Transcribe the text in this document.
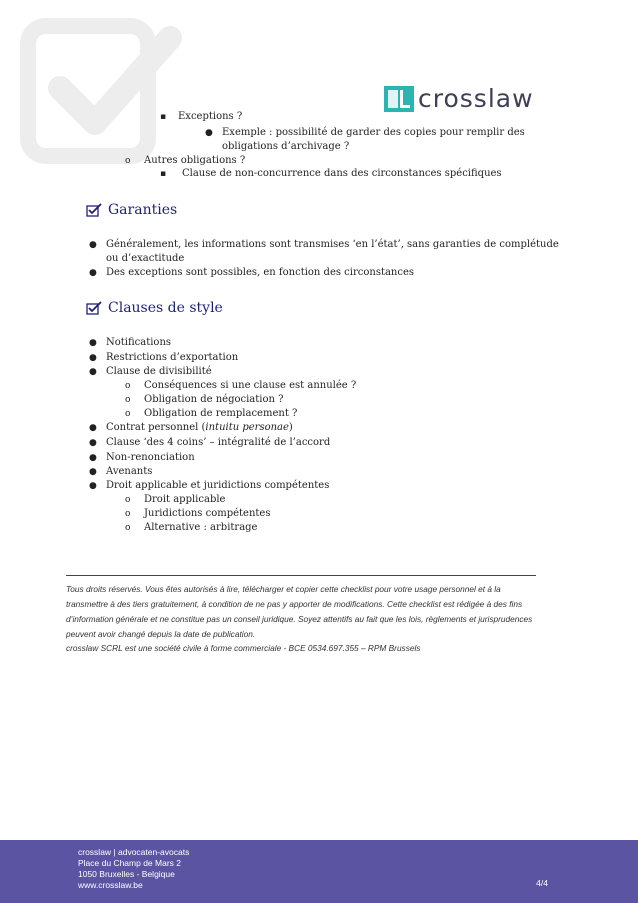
crosslaw
▪ Exceptions ?
● Exemple : possibilité de garder des copies pour remplir des
obligations d’archivage ?
o Autres obligations ?
▪ Clause de non-concurrence dans des circonstances spécifiques
Garanties
● Généralement, les informations sont transmises ‘en l’état’, sans garanties de complétude
ou d’exactitude
● Des exceptions sont possibles, en fonction des circonstances
Clauses de style
● Notifications
● Restrictions d’exportation
● Clause de divisibilité
o Conséquences si une clause est annulée ?
o Obligation de négociation ?
o Obligation de remplacement ?
● Contrat personnel ( intuitu personae )
● Clause ‘des 4 coins’ – intégralité de l’accord
● Non-renonciation
● Avenants
● Droit applicable et juridictions compétentes
o Droit applicable
o Juridictions compétentes
o Alternative : arbitrage
Tous droits réservés. Vous êtes autorisés à lire, télécharger et copier cette checklist pour votre usage personnel et à la transmettre à des tiers gratuitement, à condition de ne pas y apporter de modifications. Cette checklist est rédigée à des fins d’information générale et ne constitue pas un conseil juridique. Soyez attentifs au fait que les lois, règlements et jurisprudences peuvent avoir changé depuis la date de publication.
crosslaw SCRL est une société civile à forme commerciale - BCE 0534.697.355 – RPM Brussels
crosslaw | advocaten-avocats
Place du Champ de Mars 2
1050 Bruxelles - Belgique
www.crosslaw.be	4/4
